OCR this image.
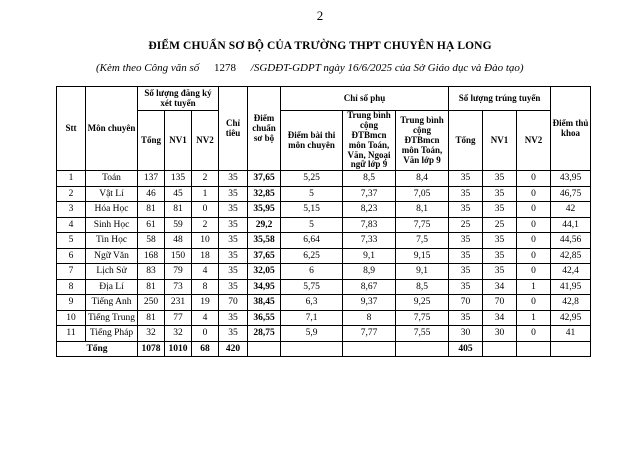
2
ĐIỂM CHUẨN SƠ BỘ CỦA TRƯỜNG THPT CHUYÊN HẠ LONG
(Kèm theo Công văn số 1278 /SGDĐT-GDPT ngày 16/6/2025 của Sở Giáo dục và Đào tạo)
Stt	Môn chuyên	Số lượng đăng ký xét tuyển			Chỉ tiêu	Điểm chuẩn sơ bộ	Chỉ số phụ			Số lượng trúng tuyển			Điểm thủ khoa
		Tổng	NV1	NV2			Điểm bài thi môn chuyên	Trung bình cộng ĐTBmcn môn Toán, Văn, Ngoại ngữ lớp 9	Trung bình cộng ĐTBmcn môn Toán, Văn lớp 9	Tổng	NV1	NV2	
1	Toán	137	135	2	35	37,65	5,25	8,5	8,4	35	35	0	43,95
2	Vật Lí	46	45	1	35	32,85	5	7,37	7,05	35	35	0	46,75
3	Hóa Học	81	81	0	35	35,95	5,15	8,23	8,1	35	35	0	42
4	Sinh Học	61	59	2	35	29,2	5	7,83	7,75	25	25	0	44,1
5	Tin Học	58	48	10	35	35,58	6,64	7,33	7,5	35	35	0	44,56
6	Ngữ Văn	168	150	18	35	37,65	6,25	9,1	9,15	35	35	0	42,85
7	Lịch Sử	83	79	4	35	32,05	6	8,9	9,1	35	35	0	42,4
8	Địa Lí	81	73	8	35	34,95	5,75	8,67	8,5	35	34	1	41,95
9	Tiếng Anh	250	231	19	70	38,45	6,3	9,37	9,25	70	70	0	42,8
10	Tiếng Trung	81	77	4	35	36,55	7,1	8	7,75	35	34	1	42,95
11	Tiếng Pháp	32	32	0	35	28,75	5,9	7,77	7,55	30	30	0	41
Tổng		1078	1010	68	420					405			
